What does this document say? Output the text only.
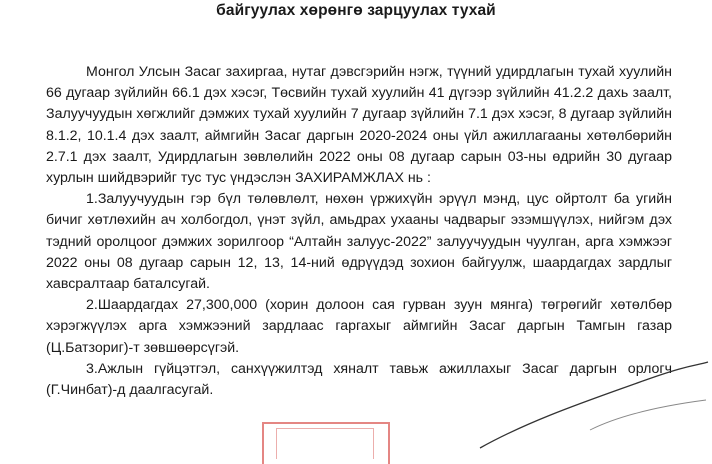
байгуулах хөрөнгө зарцуулах тухай

Монгол Улсын Засаг захиргаа, нутаг дэвсгэрийн нэгж, түүний удирдлагын тухай хуулийн 66 дугаар зүйлийн 66.1 дэх хэсэг, Төсвийн тухай хуулийн 41 дүгээр зүйлийн 41.2.2 дахь заалт, Залуучуудын хөгжлийг дэмжих тухай хуулийн 7 дугаар зүйлийн 7.1 дэх хэсэг, 8 дугаар зүйлийн 8.1.2, 10.1.4 дэх заалт, аймгийн Засаг даргын 2020-2024 оны үйл ажиллагааны хөтөлбөрийн 2.7.1 дэх заалт, Удирдлагын зөвлөлийн 2022 оны 08 дугаар сарын 03-ны өдрийн 30 дугаар хурлын шийдвэрийг тус тус үндэслэн ЗАХИРАМЖЛАХ нь :

1.Залуучуудын гэр бүл төлөвлөлт, нөхөн үржихүйн эрүүл мэнд, цус ойртолт ба угийн бичиг хөтлөхийн ач холбогдол, үнэт зүйл, амьдрах ухааны чадварыг эзэмшүүлэх, нийгэм дэх тэдний оролцоог дэмжих зорилгоор “Алтайн залуус-2022” залуучуудын чуулган, арга хэмжээг 2022 оны 08 дугаар сарын 12, 13, 14-ний өдрүүдэд зохион байгуулж, шаардагдах зардлыг хавсралтаар баталсугай.

2.Шаардагдах 27,300,000 (хорин долоон сая гурван зуун мянга) төгрөгийг хөтөлбөр хэрэгжүүлэх арга хэмжээний зардлаас гаргахыг аймгийн Засаг даргын Тамгын газар (Ц.Батзориг)-т зөвшөөрсүгэй.

3.Ажлын гүйцэтгэл, санхүүжилтэд хяналт тавьж ажиллахыг Засаг даргын орлогч (Г.Чинбат)-д даалгасугай.
